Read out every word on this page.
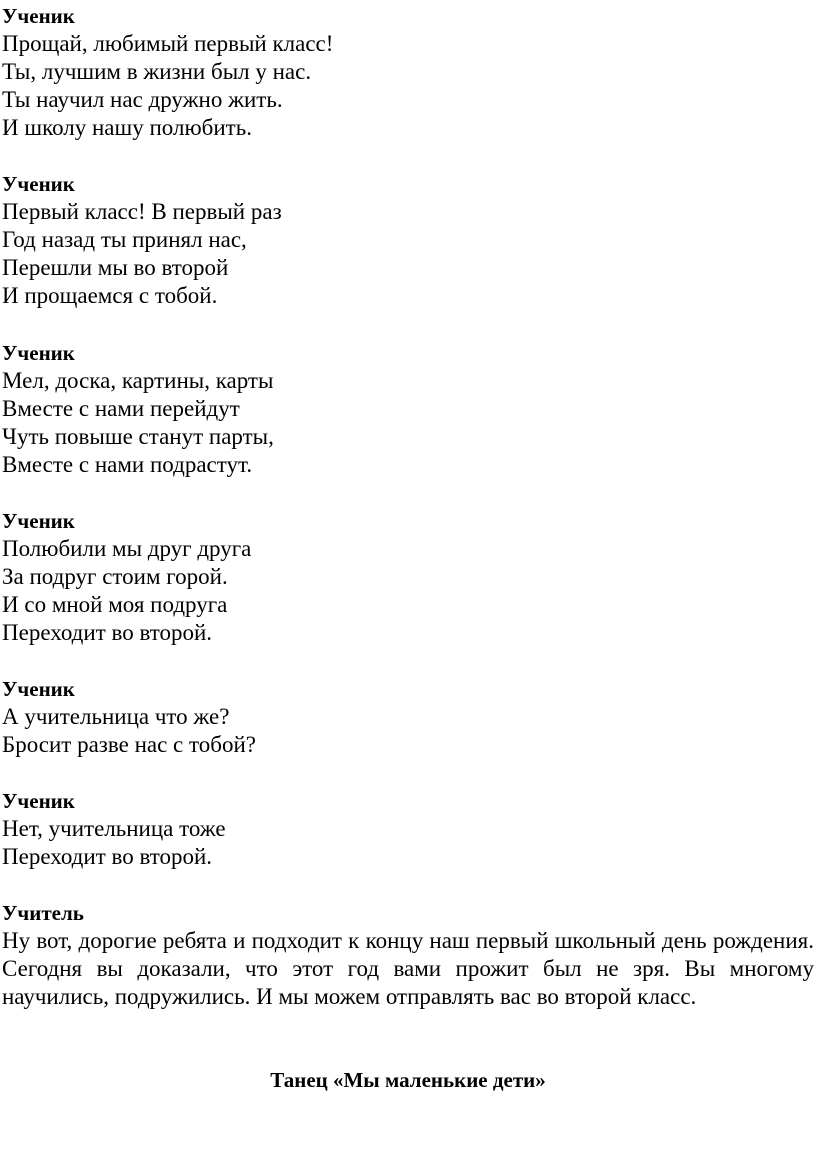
Ученик
Прощай, любимый первый класс!
Ты, лучшим в жизни был у нас.
Ты научил нас дружно жить.
И школу нашу полюбить.
Ученик
Первый класс! В первый раз
Год назад ты принял нас,
Перешли мы во второй
И прощаемся с тобой.
Ученик
Мел, доска, картины, карты
Вместе с нами перейдут
Чуть повыше станут парты,
Вместе с нами подрастут.
Ученик
Полюбили мы друг друга
За подруг стоим горой.
И со мной моя подруга
Переходит во второй.
Ученик
А учительница что же?
Бросит разве нас с тобой?
Ученик
Нет, учительница тоже
Переходит во второй.
Учитель

Ну вот, дорогие ребята и подходит к концу наш первый школьный день рождения. Сегодня вы доказали, что этот год вами прожит был не зря. Вы многому научились, подружились. И мы можем отправлять вас во второй класс.

Танец «Мы маленькие дети»
